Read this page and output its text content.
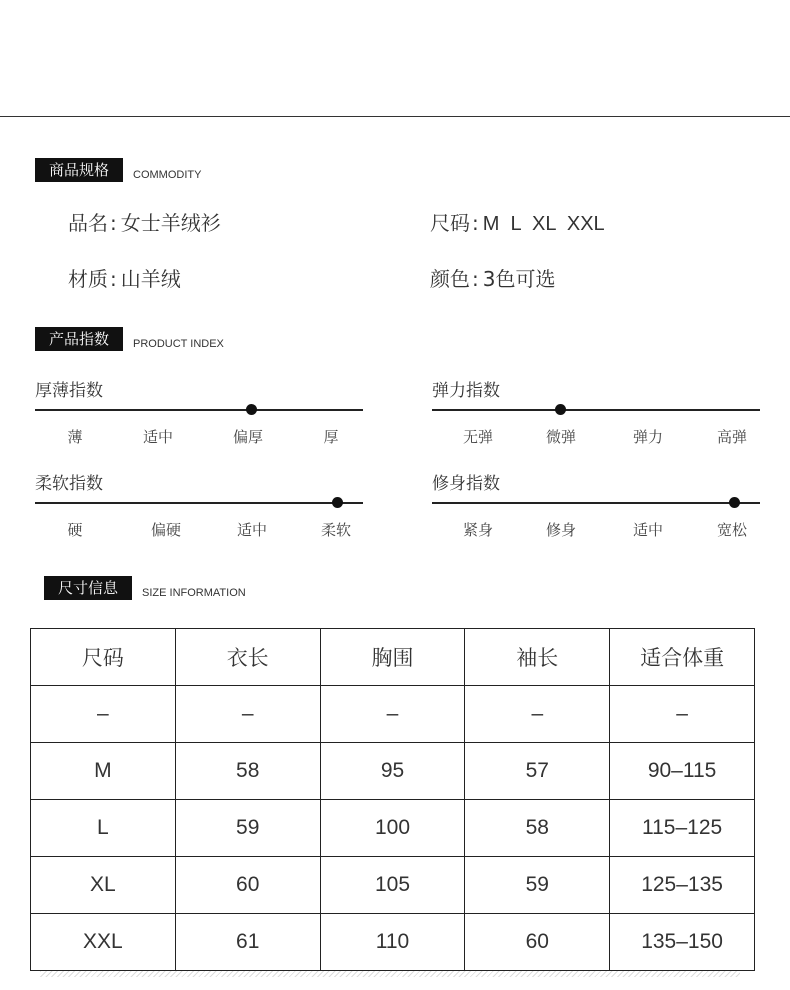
商品规格	COMMODITY
品名 : 女士羊绒衫	尺码 : M  L  XL  XXL
材质 : 山羊绒	颜色 : 3色可选
产品指数	PRODUCT INDEX
厚薄指数
薄	适中	偏厚	厚
弹力指数
无弹	微弹	弹力	高弹
柔软指数
硬	偏硬	适中	柔软
修身指数
紧身	修身	适中	宽松
尺寸信息	SIZE INFORMATION
尺码	衣长	胸围	袖长	适合体重
–	–	–	–	–
M	58	95	57	90–115
L	59	100	58	115–125
XL	60	105	59	125–135
XXL	61	110	60	135–150
